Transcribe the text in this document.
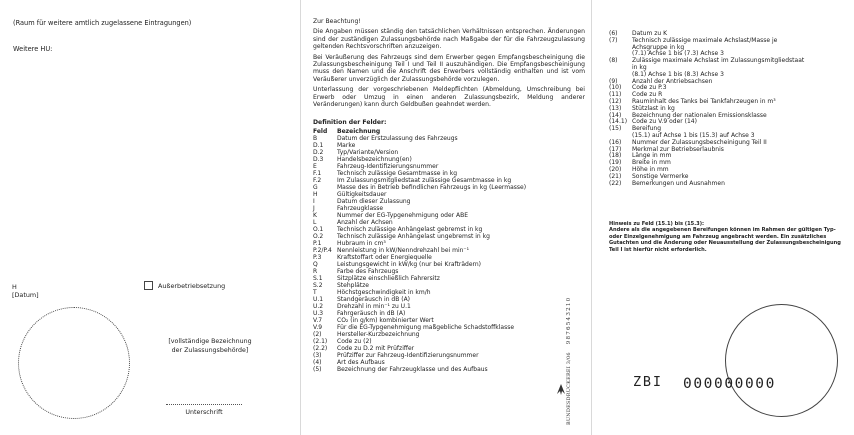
(Raum für weitere amtlich zugelassene Eintragungen)
Weitere HU:
H
[Datum]
Außerbetriebsetzung
[vollständige Bezeichnung
der Zulassungsbehörde]
Unterschrift
Zur Beachtung!

Die Angaben müssen ständig den tatsächlichen Verhältnissen entsprechen. Änderungen sind der zuständigen Zulassungsbehörde nach Maßgabe der für die Fahrzeugzulassung geltenden Rechtsvorschriften anzuzeigen.

Bei Veräußerung des Fahrzeugs sind dem Erwerber gegen Empfangsbescheinigung die Zulassungsbescheinigung Teil I und Teil II auszuhändigen. Die Empfangsbescheinigung muss den Namen und die Anschrift des Erwerbers vollständig enthalten und ist vom Veräußerer unverzüglich der Zulassungsbehörde vorzulegen.

Unterlassung der vorgeschriebenen Meldepflichten (Abmeldung, Umschreibung bei Erwerb oder Umzug in einen anderen Zulassungsbezirk, Meldung anderer Veränderungen) kann durch Geldbußen geahndet werden.

Definition der Felder:
Feld	Bezeichnung
B	Datum der Erstzulassung des Fahrzeugs
D.1	Marke
D.2	Typ/Variante/Version
D.3	Handelsbezeichnung(en)
E	Fahrzeug-Identifizierungsnummer
F.1	Technisch zulässige Gesamtmasse in kg
F.2	Im Zulassungsmitgliedstaat zulässige Gesamtmasse in kg
G	Masse des in Betrieb befindlichen Fahrzeugs in kg (Leermasse)
H	Gültigkeitsdauer
I	Datum dieser Zulassung
J	Fahrzeugklasse
K	Nummer der EG-Typgenehmigung oder ABE
L	Anzahl der Achsen
O.1	Technisch zulässige Anhängelast gebremst in kg
O.2	Technisch zulässige Anhängelast ungebremst in kg
P.1	Hubraum in cm³
P.2/P.4 Nennleistung in kW/Nenndrehzahl bei min⁻¹
P.3	Kraftstoffart oder Energiequelle
Q	Leistungsgewicht in kW/kg (nur bei Krafträdern)
R	Farbe des Fahrzeugs
S.1	Sitzplätze einschließlich Fahrersitz
S.2	Stehplätze
T	Höchstgeschwindigkeit in km/h
U.1	Standgeräusch in dB (A)
U.2	Drehzahl in min⁻¹ zu U.1
U.3	Fahrgeräusch in dB (A)
V.7	CO₂ (in g/km) kombinierter Wert
V.9	Für die EG-Typgenehmigung maßgebliche Schadstoffklasse
(2)	Hersteller-Kurzbezeichnung
(2.1)	Code zu (2)
(2.2)	Code zu D.2 mit Prüfziffer
(3)	Prüfziffer zur Fahrzeug-Identifizierungsnummer
(4)	Art des Aufbaus
(5)	Bezeichnung der Fahrzeugklasse und des Aufbaus	BUNDESDRUCKEREI 3/069876543210
(6)	Datum zu K
(7)	Technisch zulässige maximale Achslast/Masse je
Achsgruppe in kg
(7.1) Achse 1 bis (7.3) Achse 3
(8)	Zulässige maximale Achslast im Zulassungsmitgliedstaat
in kg
(8.1) Achse 1 bis (8.3) Achse 3
(9)	Anzahl der Antriebsachsen
(10)	Code zu P.3
(11)	Code zu R
(12)	Rauminhalt des Tanks bei Tankfahrzeugen in m³
(13)	Stützlast in kg
(14)	Bezeichnung der nationalen Emissionsklasse
(14.1) Code zu V.9 oder (14)
(15)	Bereifung
(15.1) auf Achse 1 bis (15.3) auf Achse 3
(16)	Nummer der Zulassungsbescheinigung Teil II
(17)	Merkmal zur Betriebserlaubnis
(18)	Länge in mm
(19)	Breite in mm
(20)	Höhe in mm
(21)	Sonstige Vermerke
(22)	Bemerkungen und Ausnahmen
Hinweis zu Feld (15.1) bis (15.3):
Andere als die angegebenen Bereifungen können im Rahmen der gültigen Typ- oder Einzelgenehmigung am Fahrzeug angebracht werden. Ein zusätzliches Gutachten und die Änderung oder Neuausstellung der Zulassungsbescheinigung Teil I ist hierfür nicht erforderlich.
ZBI 000000000
